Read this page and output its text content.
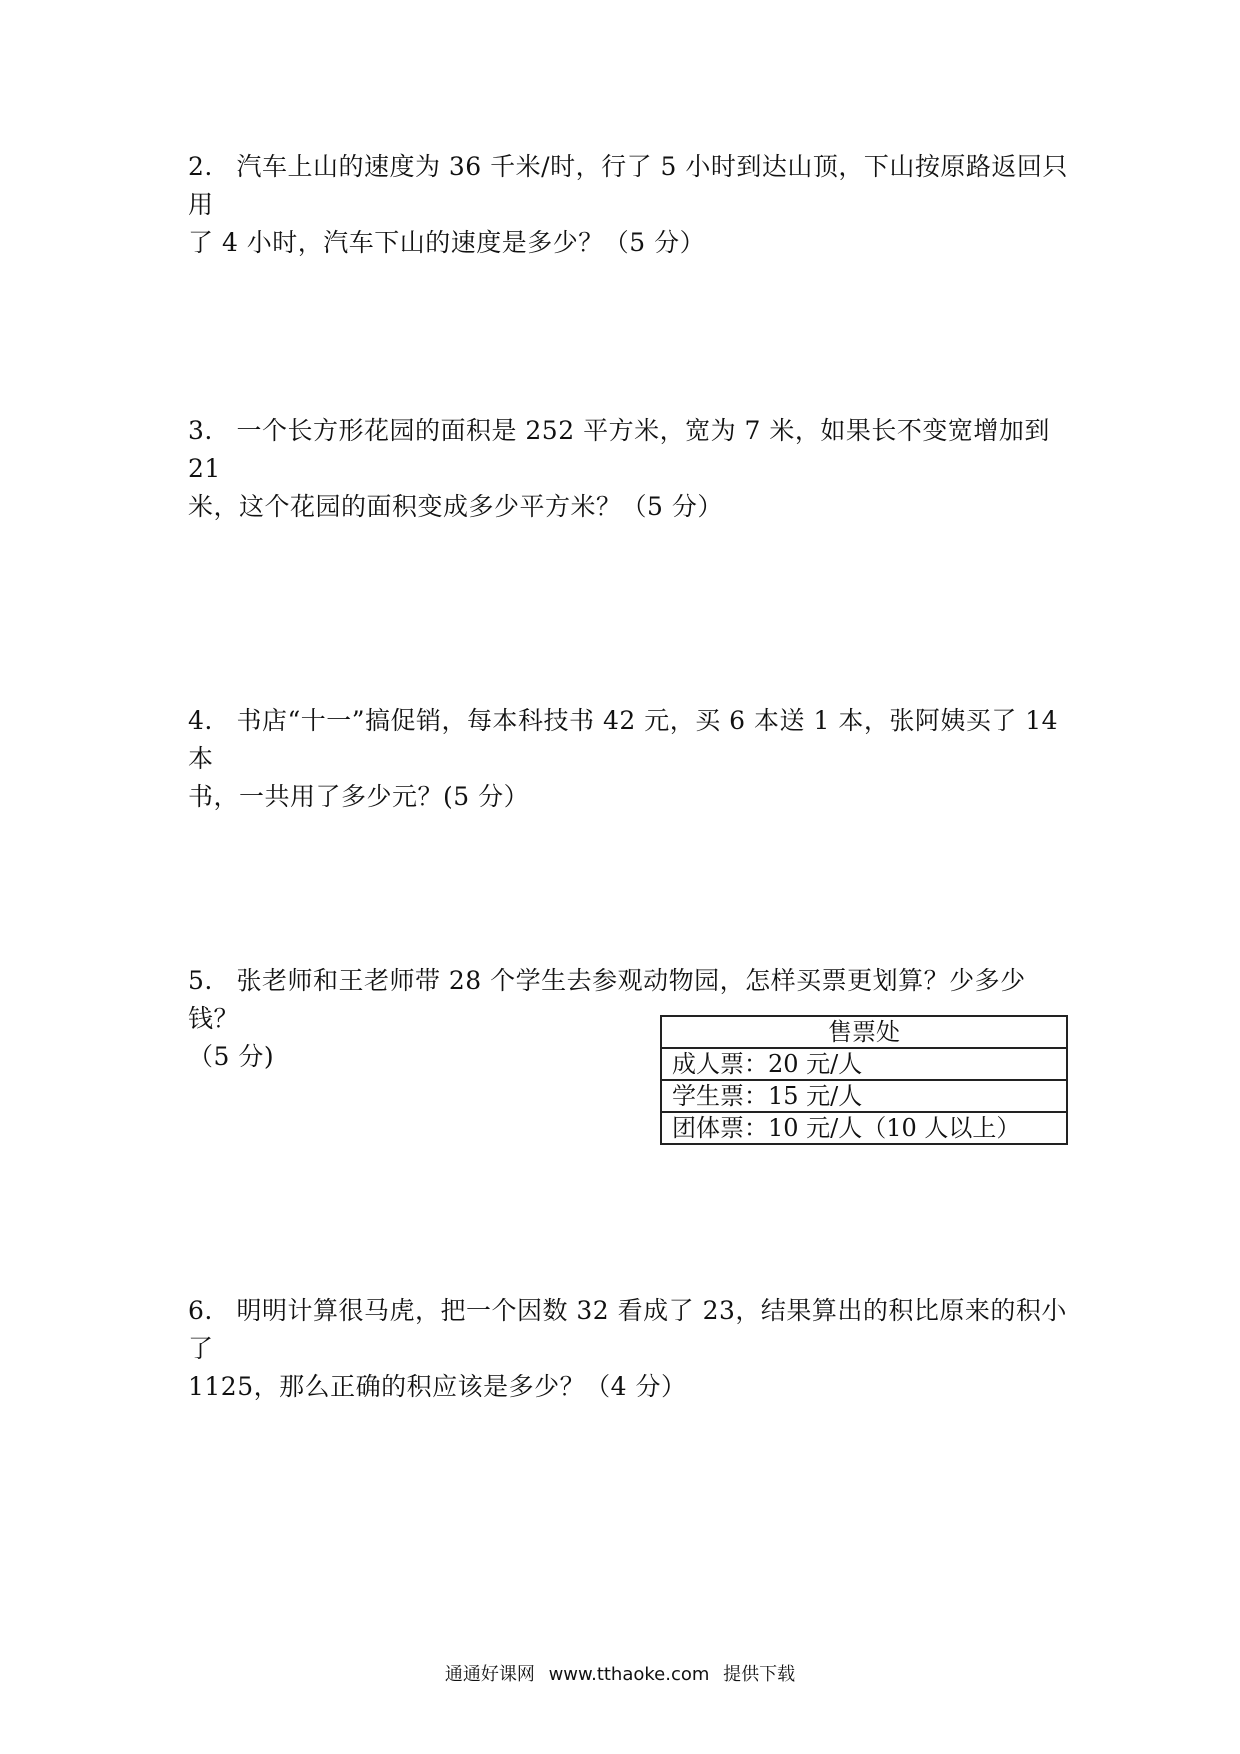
2. 汽车上山的速度为 36 千米/时，行了 5 小时到达山顶，下山按原路返回只用
了 4 小时，汽车下山的速度是多少？（5 分）
3. 一个长方形花园的面积是 252 平方米，宽为 7 米，如果长不变宽增加到 21
米，这个花园的面积变成多少平方米？（5 分）
4. 书店“十一”搞促销，每本科技书 42 元，买 6 本送 1 本，张阿姨买了 14 本
书，一共用了多少元？(5 分）
5. 张老师和王老师带 28 个学生去参观动物园，怎样买票更划算？少多少钱？
（5 分)
售票处
成人票：20 元/人
学生票：15 元/人
团体票：10 元/人（10 人以上）
6. 明明计算很马虎，把一个因数 32 看成了 23，结果算出的积比原来的积小了
1125，那么正确的积应该是多少？（4 分）
通通好课网 www.tthaoke.com 提供下载
